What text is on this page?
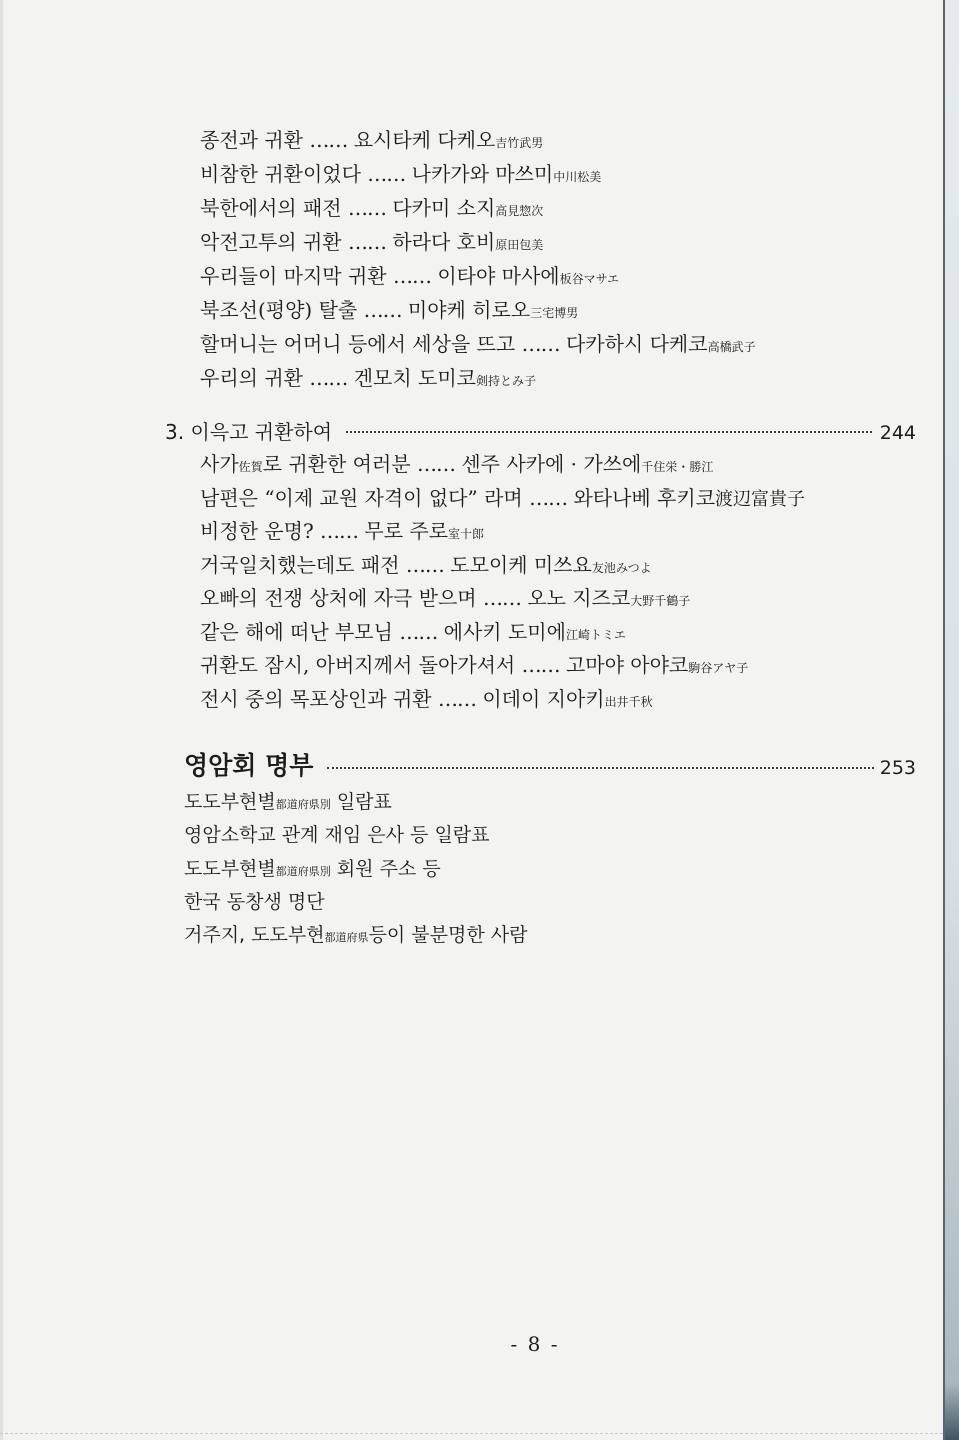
종전과 귀환 …… 요시타케 다케오吉竹武男
비참한 귀환이었다 …… 나카가와 마쓰미中川松美
북한에서의 패전 …… 다카미 소지高見惣次
악전고투의 귀환 …… 하라다 호비原田包美
우리들이 마지막 귀환 …… 이타야 마사에板谷マサエ
북조선(평양) 탈출 …… 미야케 히로오三宅博男
할머니는 어머니 등에서 세상을 뜨고 …… 다카하시 다케코高橋武子
우리의 귀환 …… 겐모치 도미코剣持とみ子
3. 이윽고 귀환하여	244
사가佐賀로 귀환한 여러분 …… 센주 사카에 · 가쓰에千住栄・勝江
남편은 “이제 교원 자격이 없다” 라며 …… 와타나베 후키코渡辺富貴子
비정한 운명? …… 무로 주로室十郎
거국일치했는데도 패전 …… 도모이케 미쓰요友池みつよ
오빠의 전쟁 상처에 자극 받으며 …… 오노 지즈코大野千鶴子
같은 해에 떠난 부모님 …… 에사키 도미에江崎トミエ
귀환도 잠시, 아버지께서 돌아가셔서 …… 고마야 아야코駒谷アヤ子
전시 중의 목포상인과 귀환 …… 이데이 지아키出井千秋
영암회 명부	253
도도부현별都道府県別 일람표
영암소학교 관계 재임 은사 등 일람표
도도부현별都道府県別 회원 주소 등
한국 동창생 명단
거주지, 도도부현都道府県등이 불분명한 사람
- 8 -
